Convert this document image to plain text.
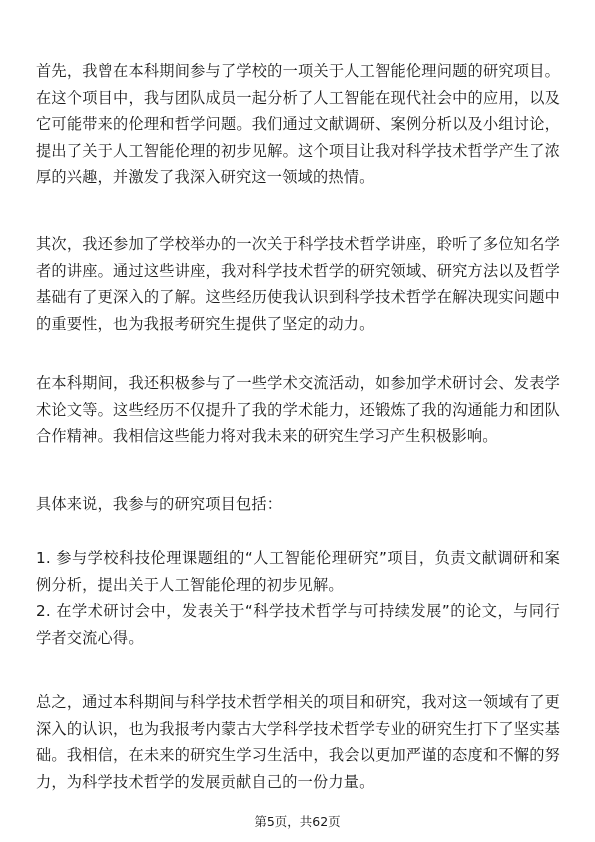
首先，我曾在本科期间参与了学校的一项关于人工智能伦理问题的研究项目。在这个项目中，我与团队成员一起分析了人工智能在现代社会中的应用，以及它可能带来的伦理和哲学问题。我们通过文献调研、案例分析以及小组讨论，提出了关于人工智能伦理的初步见解。这个项目让我对科学技术哲学产生了浓厚的兴趣，并激发了我深入研究这一领域的热情。

其次，我还参加了学校举办的一次关于科学技术哲学讲座，聆听了多位知名学者的讲座。通过这些讲座，我对科学技术哲学的研究领域、研究方法以及哲学基础有了更深入的了解。这些经历使我认识到科学技术哲学在解决现实问题中的重要性，也为我报考研究生提供了坚定的动力。

在本科期间，我还积极参与了一些学术交流活动，如参加学术研讨会、发表学术论文等。这些经历不仅提升了我的学术能力，还锻炼了我的沟通能力和团队合作精神。我相信这些能力将对我未来的研究生学习产生积极影响。

具体来说，我参与的研究项目包括：

1. 参与学校科技伦理课题组的“人工智能伦理研究”项目，负责文献调研和案例分析，提出关于人工智能伦理的初步见解。
2. 在学术研讨会中，发表关于“科学技术哲学与可持续发展”的论文，与同行学者交流心得。

总之，通过本科期间与科学技术哲学相关的项目和研究，我对这一领域有了更深入的认识，也为我报考内蒙古大学科学技术哲学专业的研究生打下了坚实基础。我相信，在未来的研究生学习生活中，我会以更加严谨的态度和不懈的努力，为科学技术哲学的发展贡献自己的一份力量。

第5页，共62页
